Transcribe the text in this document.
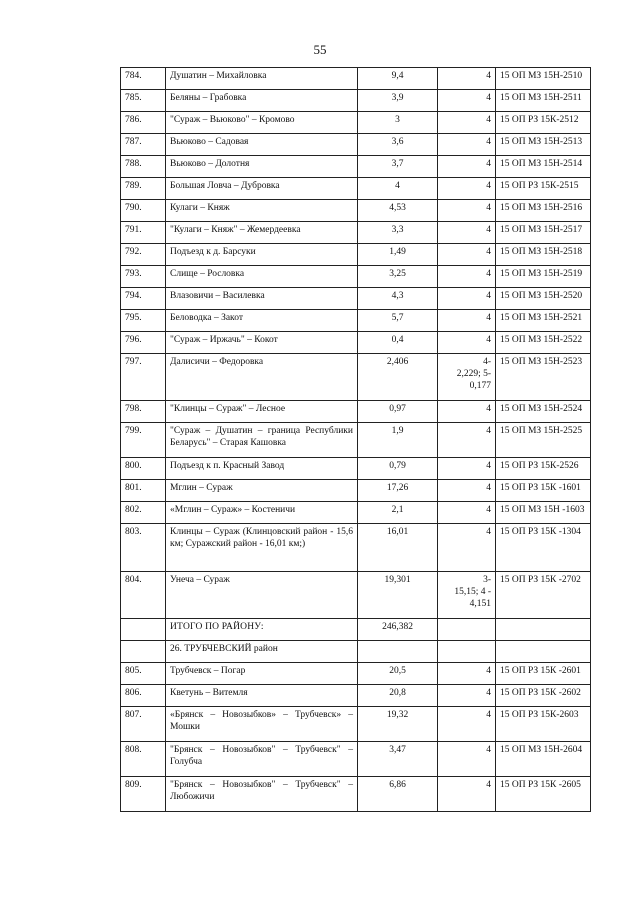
55
784.	Душатин – Михайловка	9,4	4	15 ОП МЗ 15Н-2510
785.	Беляны – Грабовка	3,9	4	15 ОП МЗ 15Н-2511
786.	"Сураж – Вьюково" – Кромово	3	4	15 ОП РЗ 15К-2512
787.	Вьюково – Садовая	3,6	4	15 ОП МЗ 15Н-2513
788.	Вьюково – Долотня	3,7	4	15 ОП МЗ 15Н-2514
789.	Большая Ловча – Дубровка	4	4	15 ОП РЗ 15К-2515
790.	Кулаги – Княж	4,53	4	15 ОП МЗ 15Н-2516
791.	"Кулаги – Княж" – Жемердеевка	3,3	4	15 ОП МЗ 15Н-2517
792.	Подъезд к д. Барсуки	1,49	4	15 ОП МЗ 15Н-2518
793.	Слище – Рословка	3,25	4	15 ОП МЗ 15Н-2519
794.	Влазовичи – Василевка	4,3	4	15 ОП МЗ 15Н-2520
795.	Беловодка – Закот	5,7	4	15 ОП МЗ 15Н-2521
796.	"Сураж – Иржачь" – Кокот	0,4	4	15 ОП МЗ 15Н-2522
797.	Далисичи – Федоровка	2,406	4-
2,229; 5-
0,177	15 ОП МЗ 15Н-2523
798.	"Клинцы – Сураж" – Лесное	0,97	4	15 ОП МЗ 15Н-2524
799.	"Сураж – Душатин – граница Республики Беларусь" – Старая Кашовка	1,9	4	15 ОП МЗ 15Н-2525
800.	Подъезд к п. Красный Завод	0,79	4	15 ОП РЗ 15К-2526
801.	Мглин – Сураж	17,26	4	15 ОП РЗ 15К -1601
802.	«Мглин – Сураж» – Костеничи	2,1	4	15 ОП МЗ 15Н -1603
803.	Клинцы – Сураж (Клинцовский район - 15,6 км; Суражский район - 16,01 км;)	16,01	4	15 ОП РЗ 15К -1304
804.	Унеча – Сураж	19,301	3-
15,15; 4 -
4,151	15 ОП РЗ 15К -2702
	ИТОГО ПО РАЙОНУ:	246,382		
	26. ТРУБЧЕВСКИЙ район			
805.	Трубчевск – Погар	20,5	4	15 ОП РЗ 15К -2601
806.	Кветунь – Витемля	20,8	4	15 ОП РЗ 15К -2602
807.	«Брянск – Новозыбков» – Трубчевск» – Мошки	19,32	4	15 ОП РЗ 15К-2603
808.	"Брянск – Новозыбков" – Трубчевск" – Голубча	3,47	4	15 ОП МЗ 15Н-2604
809.	"Брянск – Новозыбков" – Трубчевск" – Любожичи	6,86	4	15 ОП РЗ 15К -2605
